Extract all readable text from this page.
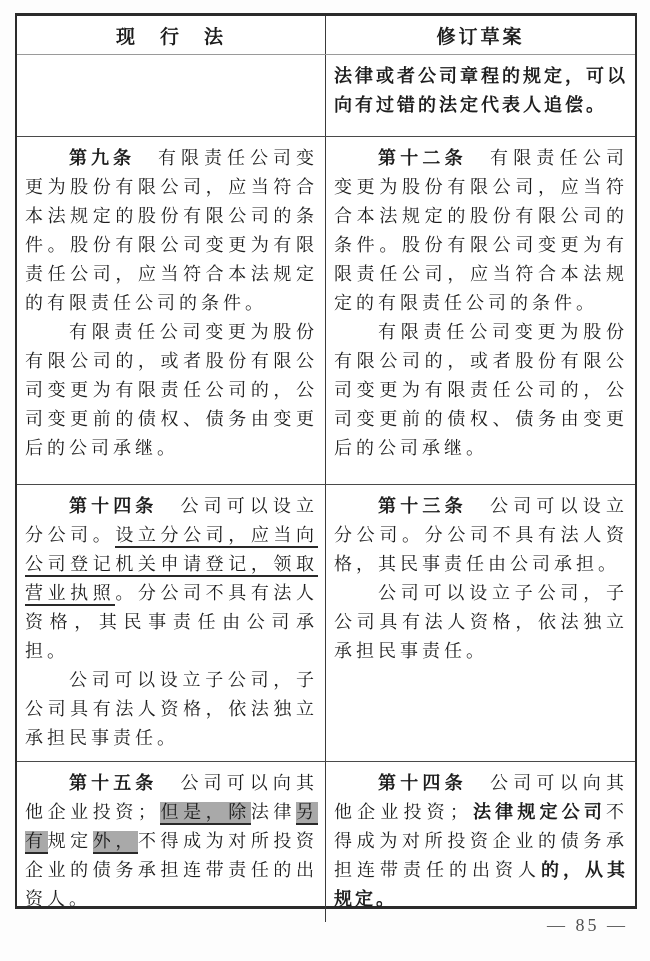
现　行　法	修订草案

法律或者公司章程的规定，可以向有过错的法定代表人追偿。

第九条　有限责任公司变更为股份有限公司，应当符合本法规定的股份有限公司的条件。股份有限公司变更为有限责任公司，应当符合本法规定的有限责任公司的条件。

有限责任公司变更为股份有限公司的，或者股份有限公司变更为有限责任公司的，公司变更前的债权、债务由变更后的公司承继。

第十二条　有限责任公司变更为股份有限公司，应当符合本法规定的股份有限公司的条件。股份有限公司变更为有限责任公司，应当符合本法规定的有限责任公司的条件。

有限责任公司变更为股份有限公司的，或者股份有限公司变更为有限责任公司的，公司变更前的债权、债务由变更后的公司承继。

第十四条　公司可以设立分公司。设立分公司，应当向公司登记机关申请登记，领取营业执照。分公司不具有法人资格，其民事责任由公司承担。

公司可以设立子公司，子公司具有法人资格，依法独立承担民事责任。

第十三条　公司可以设立分公司。分公司不具有法人资格，其民事责任由公司承担。

公司可以设立子公司，子公司具有法人资格，依法独立承担民事责任。

第十五条　公司可以向其他企业投资；但是，除法律另有规定外，不得成为对所投资企业的债务承担连带责任的出资人。

第十四条　公司可以向其他企业投资；法律规定公司不得成为对所投资企业的债务承担连带责任的出资人的，从其规定。

— 85 —
